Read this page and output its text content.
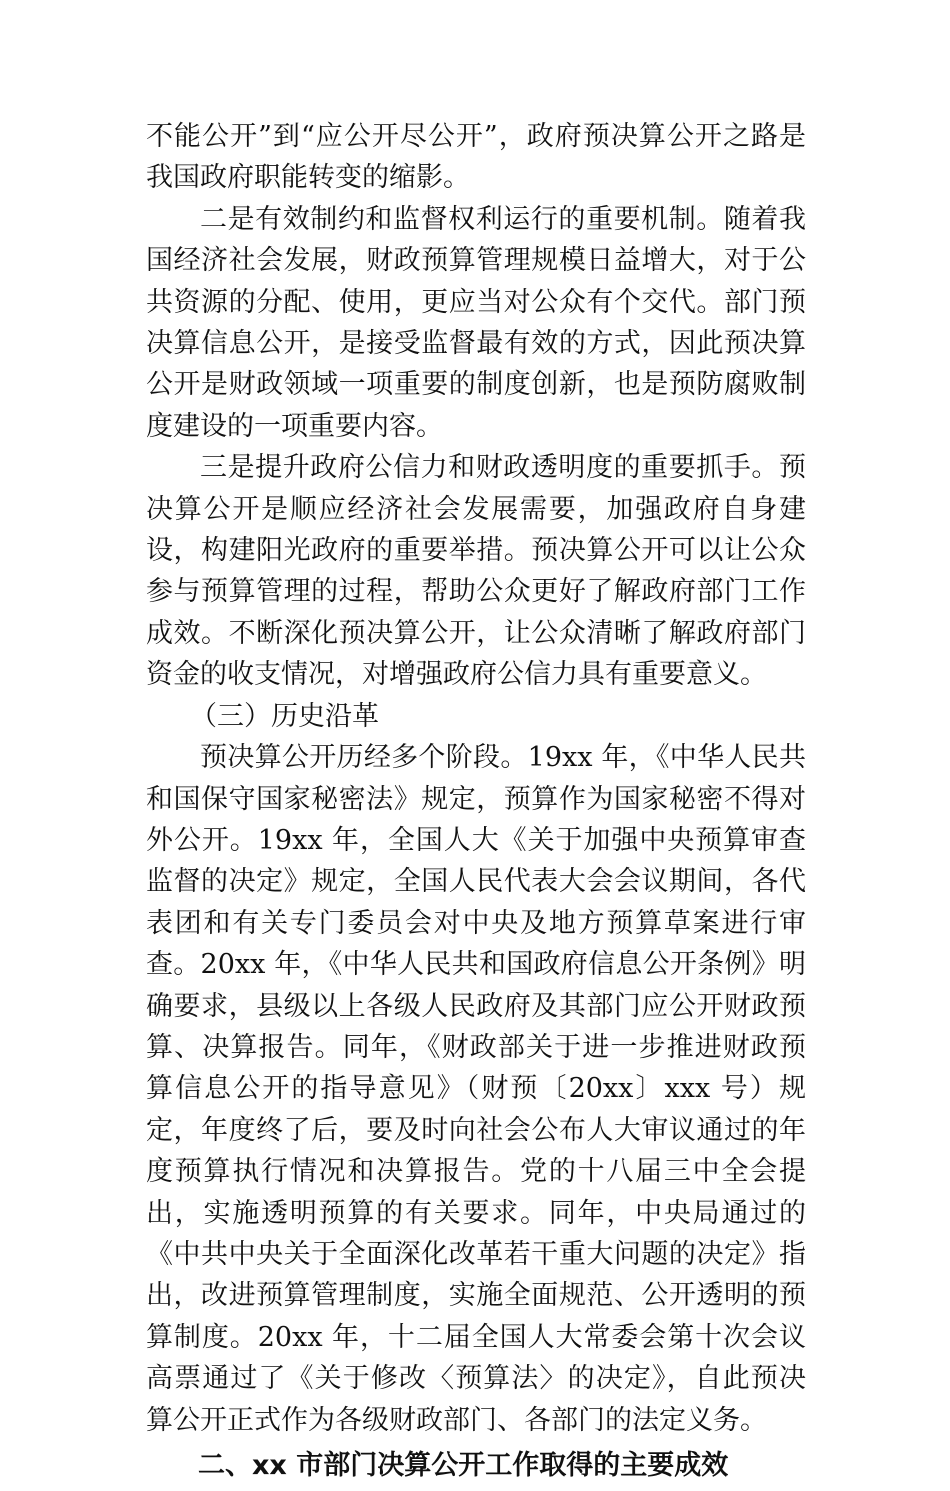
不能公开”到“应公开尽公开”，政府预决算公开之路是我国政府职能转变的缩影。

二是有效制约和监督权利运行的重要机制。随着我国经济社会发展，财政预算管理规模日益增大，对于公共资源的分配、使用，更应当对公众有个交代。部门预决算信息公开，是接受监督最有效的方式，因此预决算公开是财政领域一项重要的制度创新，也是预防腐败制度建设的一项重要内容。

三是提升政府公信力和财政透明度的重要抓手。预决算公开是顺应经济社会发展需要，加强政府自身建设，构建阳光政府的重要举措。预决算公开可以让公众参与预算管理的过程，帮助公众更好了解政府部门工作成效。不断深化预决算公开，让公众清晰了解政府部门资金的收支情况，对增强政府公信力具有重要意义。

（三）历史沿革

预决算公开历经多个阶段。19xx 年，《中华人民共和国保守国家秘密法》规定，预算作为国家秘密不得对外公开。19xx 年，全国人大《关于加强中央预算审查监督的决定》规定，全国人民代表大会会议期间，各代表团和有关专门委员会对中央及地方预算草案进行审查。20xx 年，《中华人民共和国政府信息公开条例》明确要求，县级以上各级人民政府及其部门应公开财政预算、决算报告。同年，《财政部关于进一步推进财政预算信息公开的指导意见》（财预〔20xx〕xxx 号）规定，年度终了后，要及时向社会公布人大审议通过的年度预算执行情况和决算报告。党的十八届三中全会提出，实施透明预算的有关要求。同年，中央局通过的《中共中央关于全面深化改革若干重大问题的决定》指出，改进预算管理制度，实施全面规范、公开透明的预算制度。20xx 年，十二届全国人大常委会第十次会议高票通过了《关于修改〈预算法〉的决定》，自此预决算公开正式作为各级财政部门、各部门的法定义务。

二、xx 市部门决算公开工作取得的主要成效
